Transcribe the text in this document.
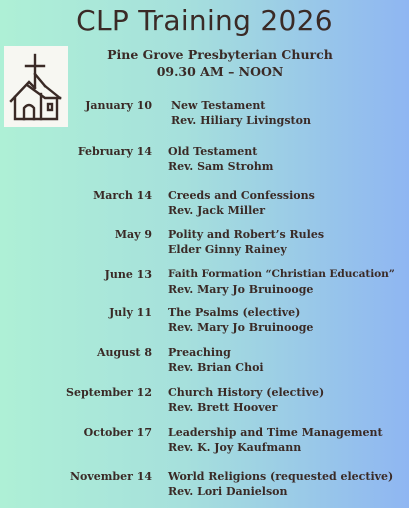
CLP Training 2026
Pine Grove Presbyterian Church
09.30 AM – NOON
January 10 New Testament
Rev. Hiliary Livingston
February 14 Old Testament
Rev. Sam Strohm
March 14 Creeds and Confessions
Rev. Jack Miller
May 9 Polity and Robert’s Rules
Elder Ginny Rainey
June 13 Faith Formation “Christian Education”
Rev. Mary Jo Bruinooge
July 11 The Psalms (elective)
Rev. Mary Jo Bruinooge
August 8 Preaching
Rev. Brian Choi
September 12 Church History (elective)
Rev. Brett Hoover
October 17 Leadership and Time Management
Rev. K. Joy Kaufmann
November 14 World Religions (requested elective)
Rev. Lori Danielson
